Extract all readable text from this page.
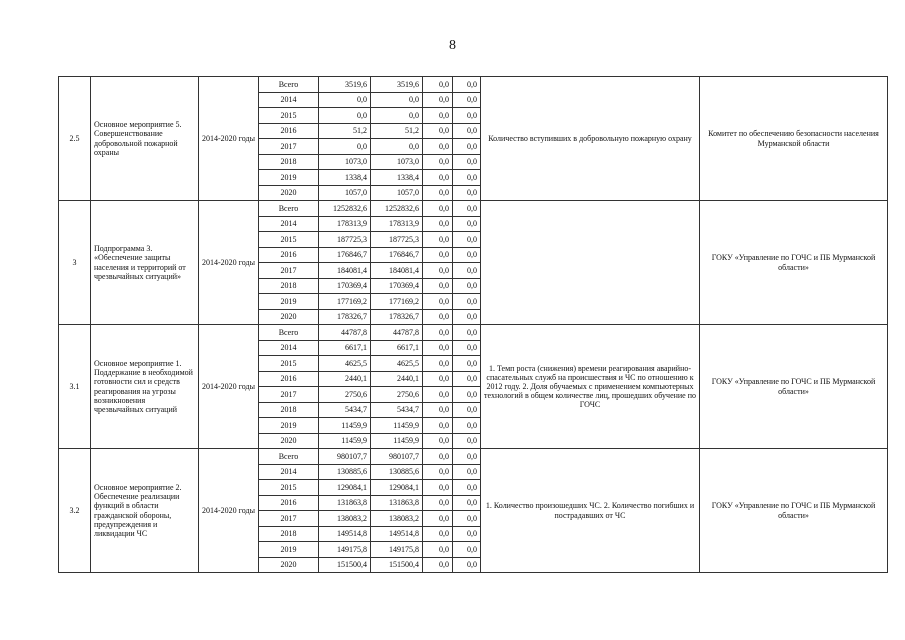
8
2.5	Основное мероприятие 5. Совершенствование добровольной пожарной охраны	2014-2020 годы	Всего	3519,6	3519,6	0,0	0,0	Количество вступивших в добровольную пожарную охрану	Комитет по обеспечению безопасности населения Мурманской области
			2014	0,0	0,0	0,0	0,0		
			2015	0,0	0,0	0,0	0,0		
			2016	51,2	51,2	0,0	0,0		
			2017	0,0	0,0	0,0	0,0		
			2018	1073,0	1073,0	0,0	0,0		
			2019	1338,4	1338,4	0,0	0,0		
			2020	1057,0	1057,0	0,0	0,0		
3	Подпрограмма 3. «Обеспечение защиты населения и территорий от чрезвычайных ситуаций»	2014-2020 годы	Всего	1252832,6	1252832,6	0,0	0,0		ГОКУ «Управление по ГОЧС и ПБ Мурманской области»
			2014	178313,9	178313,9	0,0	0,0		
			2015	187725,3	187725,3	0,0	0,0		
			2016	176846,7	176846,7	0,0	0,0		
			2017	184081,4	184081,4	0,0	0,0		
			2018	170369,4	170369,4	0,0	0,0		
			2019	177169,2	177169,2	0,0	0,0		
			2020	178326,7	178326,7	0,0	0,0		
3.1	Основное мероприятие 1. Поддержание в необходимой готовности сил и средств реагирования на угрозы возникновения чрезвычайных ситуаций	2014-2020 годы	Всего	44787,8	44787,8	0,0	0,0	1. Темп роста (снижения) времени реагирования аварийно-спасательных служб на происшествия и ЧС по отношению к 2012 году. 2. Доля обучаемых с применением компьютерных технологий в общем количестве лиц, прошедших обучение по ГОЧС	ГОКУ «Управление по ГОЧС и ПБ Мурманской области»
			2014	6617,1	6617,1	0,0	0,0		
			2015	4625,5	4625,5	0,0	0,0		
			2016	2440,1	2440,1	0,0	0,0		
			2017	2750,6	2750,6	0,0	0,0		
			2018	5434,7	5434,7	0,0	0,0		
			2019	11459,9	11459,9	0,0	0,0		
			2020	11459,9	11459,9	0,0	0,0		
3.2	Основное мероприятие 2. Обеспечение реализации функций в области гражданской обороны, предупреждения и ликвидации ЧС	2014-2020 годы	Всего	980107,7	980107,7	0,0	0,0	1. Количество произошедших ЧС. 2. Количество погибших и пострадавших от ЧС	ГОКУ «Управление по ГОЧС и ПБ Мурманской области»
			2014	130885,6	130885,6	0,0	0,0		
			2015	129084,1	129084,1	0,0	0,0		
			2016	131863,8	131863,8	0,0	0,0		
			2017	138083,2	138083,2	0,0	0,0		
			2018	149514,8	149514,8	0,0	0,0		
			2019	149175,8	149175,8	0,0	0,0		
			2020	151500,4	151500,4	0,0	0,0		
